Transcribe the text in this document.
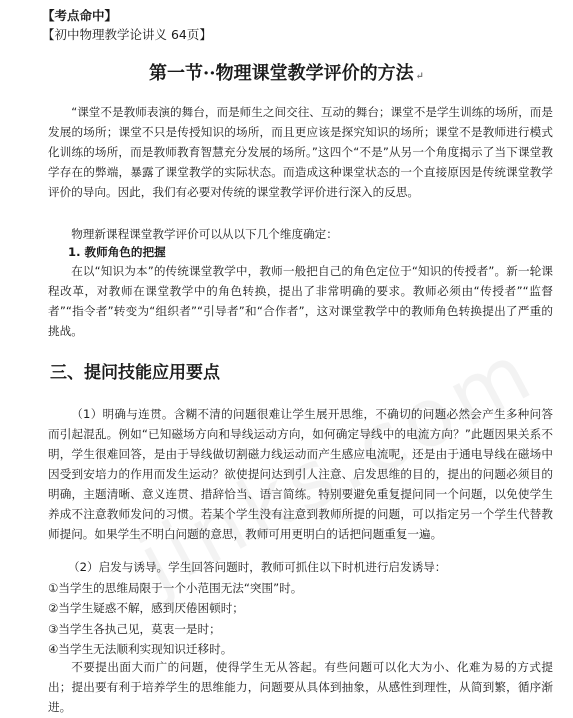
【考点命中】
【初中物理教学论讲义 64页】
第一节··物理课堂教学评价的方法 ↵

“课堂不是教师表演的舞台，而是师生之间交往、互动的舞台；课堂不是学生训练的场所，而是发展的场所；课堂不只是传授知识的场所，而且更应该是探究知识的场所；课堂不是教师进行模式化训练的场所，而是教师教育智慧充分发展的场所。”这四个“不是”从另一个角度揭示了当下课堂教学存在的弊端，暴露了课堂教学的实际状态。而造成这种课堂状态的一个直接原因是传统课堂教学评价的导向。因此，我们有必要对传统的课堂教学评价进行深入的反思。

物理新课程课堂教学评价可以从以下几个维度确定：

1. 教师角色的把握

在以“知识为本”的传统课堂教学中，教师一般把自己的角色定位于“知识的传授者”。新一轮课程改革，对教师在课堂教学中的角色转换，提出了非常明确的要求。教师必须由“传授者”“监督者”“指令者”转变为“组织者”“引导者”和“合作者”，这对课堂教学中的教师角色转换提出了严重的挑战。

三、提问技能应用要点

（1）明确与连贯。含糊不清的问题很难让学生展开思维，不确切的问题必然会产生多种问答而引起混乱。例如“已知磁场方向和导线运动方向，如何确定导线中的电流方向？”此题因果关系不明，学生很难回答，是由于导线做切割磁力线运动而产生感应电流呢，还是由于通电导线在磁场中因受到安培力的作用而发生运动？欲使提问达到引人注意、启发思维的目的，提出的问题必须目的明确，主题清晰、意义连贯、措辞恰当、语言简练。特别要避免重复提问同一个问题，以免使学生养成不注意教师发问的习惯。若某个学生没有注意到教师所提的问题，可以指定另一个学生代替教师提问。如果学生不明白问题的意思，教师可用更明白的话把问题重复一遍。

（2）启发与诱导。学生回答问题时，教师可抓住以下时机进行启发诱导：
①当学生的思维局限于一个小范围无法“突围”时。
②当学生疑惑不解，感到厌倦困顿时；
③当学生各执己见，莫衷一是时；
④当学生无法顺利实现知识迁移时。

不要提出面大而广的问题，使得学生无从答起。有些问题可以化大为小、化难为易的方式提出；提出要有利于培养学生的思维能力，问题要从具体到抽象，从感性到理性，从简到繁，循序渐进。
